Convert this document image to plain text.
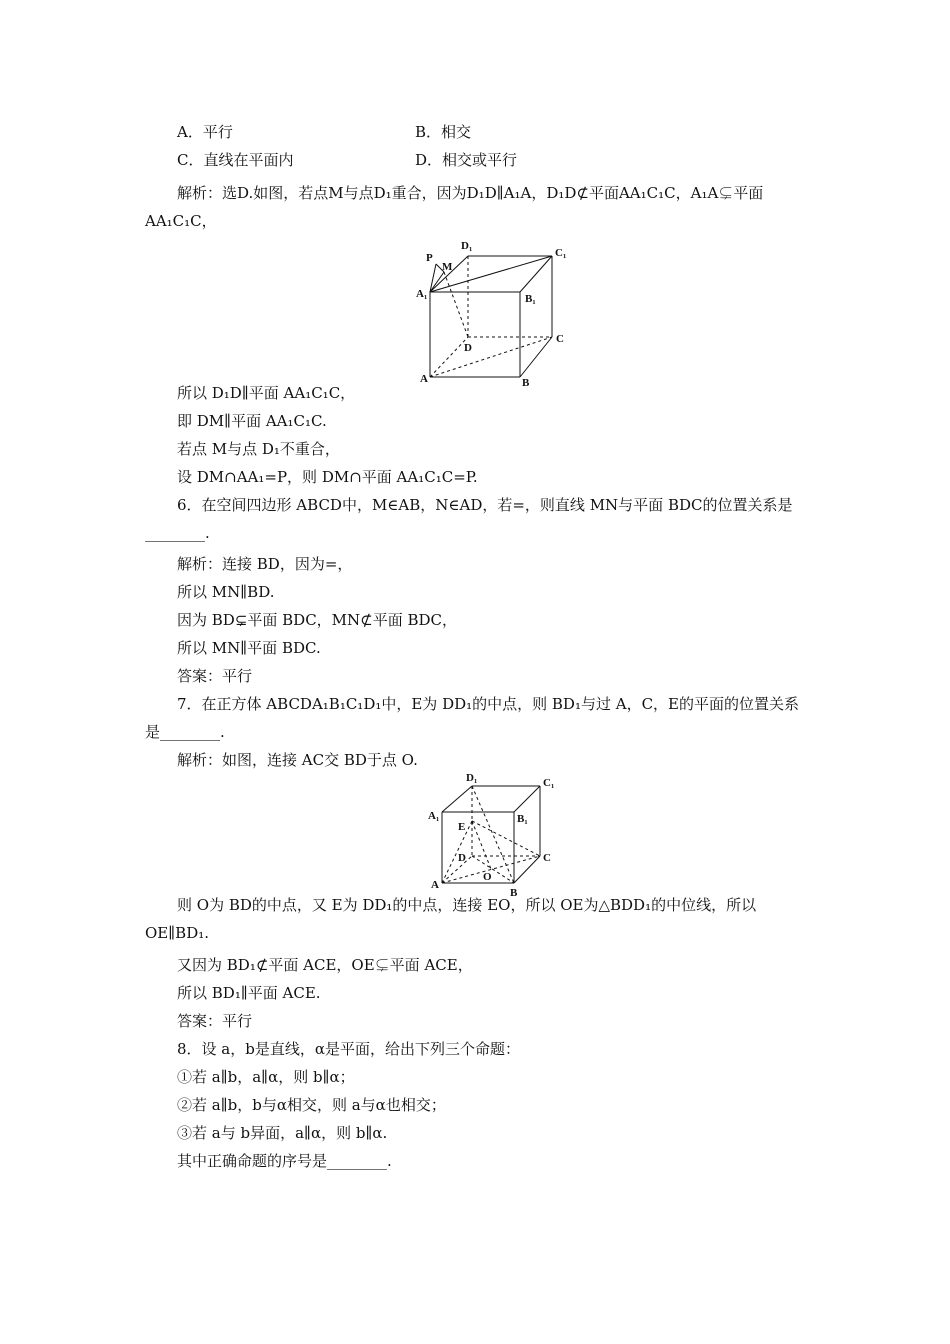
A．平行	B．相交
C．直线在平面内	D．相交或平行
解析：选D.如图，若点M与点D₁重合，因为D₁D∥A₁A，D₁D⊄平面AA₁C₁C，A₁A⊊平面
AA₁C₁C，
P
M
D₁
C₁
A₁	B₁
D
C
A	B
所以 D₁D∥平面 AA₁C₁C，
即 DM∥平面 AA₁C₁C.
若点 M与点 D₁不重合，
设 DM∩AA₁=P，则 DM∩平面 AA₁C₁C=P.
6．在空间四边形 ABCD中，M∈AB，N∈AD，若=，则直线 MN与平面 BDC的位置关系是
________.
解析：连接 BD，因为=，
所以 MN∥BD.
因为 BD⊊平面 BDC，MN⊄平面 BDC，
所以 MN∥平面 BDC.
答案：平行
7．在正方体 ABCDA₁B₁C₁D₁中，E为 DD₁的中点，则 BD₁与过 A，C，E的平面的位置关系
是________.
解析：如图，连接 AC交 BD于点 O.
D₁	C₁
A₁	B₁
E
D	C
A
O
B
则 O为 BD的中点，又 E为 DD₁的中点，连接 EO，所以 OE为△BDD₁的中位线，所以
OE∥BD₁.
又因为 BD₁⊄平面 ACE，OE⊊平面 ACE，
所以 BD₁∥平面 ACE.
答案：平行
8．设 a，b是直线，α是平面，给出下列三个命题：
①若 a∥b，a∥α，则 b∥α；
②若 a∥b，b与α相交，则 a与α也相交；
③若 a与 b异面，a∥α，则 b∥α.
其中正确命题的序号是________.
